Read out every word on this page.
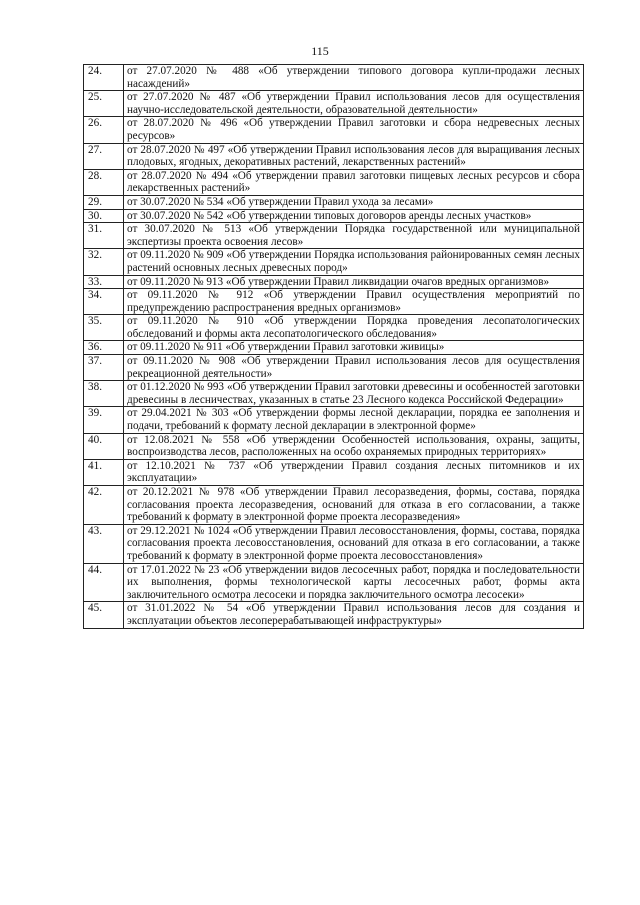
115
24.	от 27.07.2020 № 488 «Об утверждении типового договора купли-продажи лесных насаждений»
25.	от 27.07.2020 № 487 «Об утверждении Правил использования лесов для осуществления научно-исследовательской деятельности, образовательной деятельности»
26.	от 28.07.2020 № 496 «Об утверждении Правил заготовки и сбора недревесных лесных ресурсов»
27.	от 28.07.2020 № 497 «Об утверждении Правил использования лесов для выращивания лесных плодовых, ягодных, декоративных растений, лекарственных растений»
28.	от 28.07.2020 № 494 «Об утверждении правил заготовки пищевых лесных ресурсов и сбора лекарственных растений»
29.	от 30.07.2020 № 534 «Об утверждении Правил ухода за лесами»
30.	от 30.07.2020 № 542 «Об утверждении типовых договоров аренды лесных участков»
31.	от 30.07.2020 № 513 «Об утверждении Порядка государственной или муниципальной экспертизы проекта освоения лесов»
32.	от 09.11.2020 № 909 «Об утверждении Порядка использования районированных семян лесных растений основных лесных древесных пород»
33.	от 09.11.2020 № 913 «Об утверждении Правил ликвидации очагов вредных организмов»
34.	от 09.11.2020 № 912 «Об утверждении Правил осуществления мероприятий по предупреждению распространения вредных организмов»
35.	от 09.11.2020 № 910 «Об утверждении Порядка проведения лесопатологических обследований и формы акта лесопатологического обследования»
36.	от 09.11.2020 № 911 «Об утверждении Правил заготовки живицы»
37.	от 09.11.2020 № 908 «Об утверждении Правил использования лесов для осуществления рекреационной деятельности»
38.	от 01.12.2020 № 993 «Об утверждении Правил заготовки древесины и особенностей заготовки древесины в лесничествах, указанных в статье 23 Лесного кодекса Российской Федерации»
39.	от 29.04.2021 № 303 «Об утверждении формы лесной декларации, порядка ее заполнения и подачи, требований к формату лесной декларации в электронной форме»
40.	от 12.08.2021 № 558 «Об утверждении Особенностей использования, охраны, защиты, воспроизводства лесов, расположенных на особо охраняемых природных территориях»
41.	от 12.10.2021 № 737 «Об утверждении Правил создания лесных питомников и их эксплуатации»
42.	от 20.12.2021 № 978 «Об утверждении Правил лесоразведения, формы, состава, порядка согласования проекта лесоразведения, оснований для отказа в его согласовании, а также требований к формату в электронной форме проекта лесоразведения»
43.	от 29.12.2021 № 1024 «Об утверждении Правил лесовосстановления, формы, состава, порядка согласования проекта лесовосстановления, оснований для отказа в его согласовании, а также требований к формату в электронной форме проекта лесовосстановления»
44.	от 17.01.2022 № 23 «Об утверждении видов лесосечных работ, порядка и последовательности их выполнения, формы технологической карты лесосечных работ, формы акта заключительного осмотра лесосеки и порядка заключительного осмотра лесосеки»
45.	от 31.01.2022 № 54 «Об утверждении Правил использования лесов для создания и эксплуатации объектов лесоперерабатывающей инфраструктуры»
